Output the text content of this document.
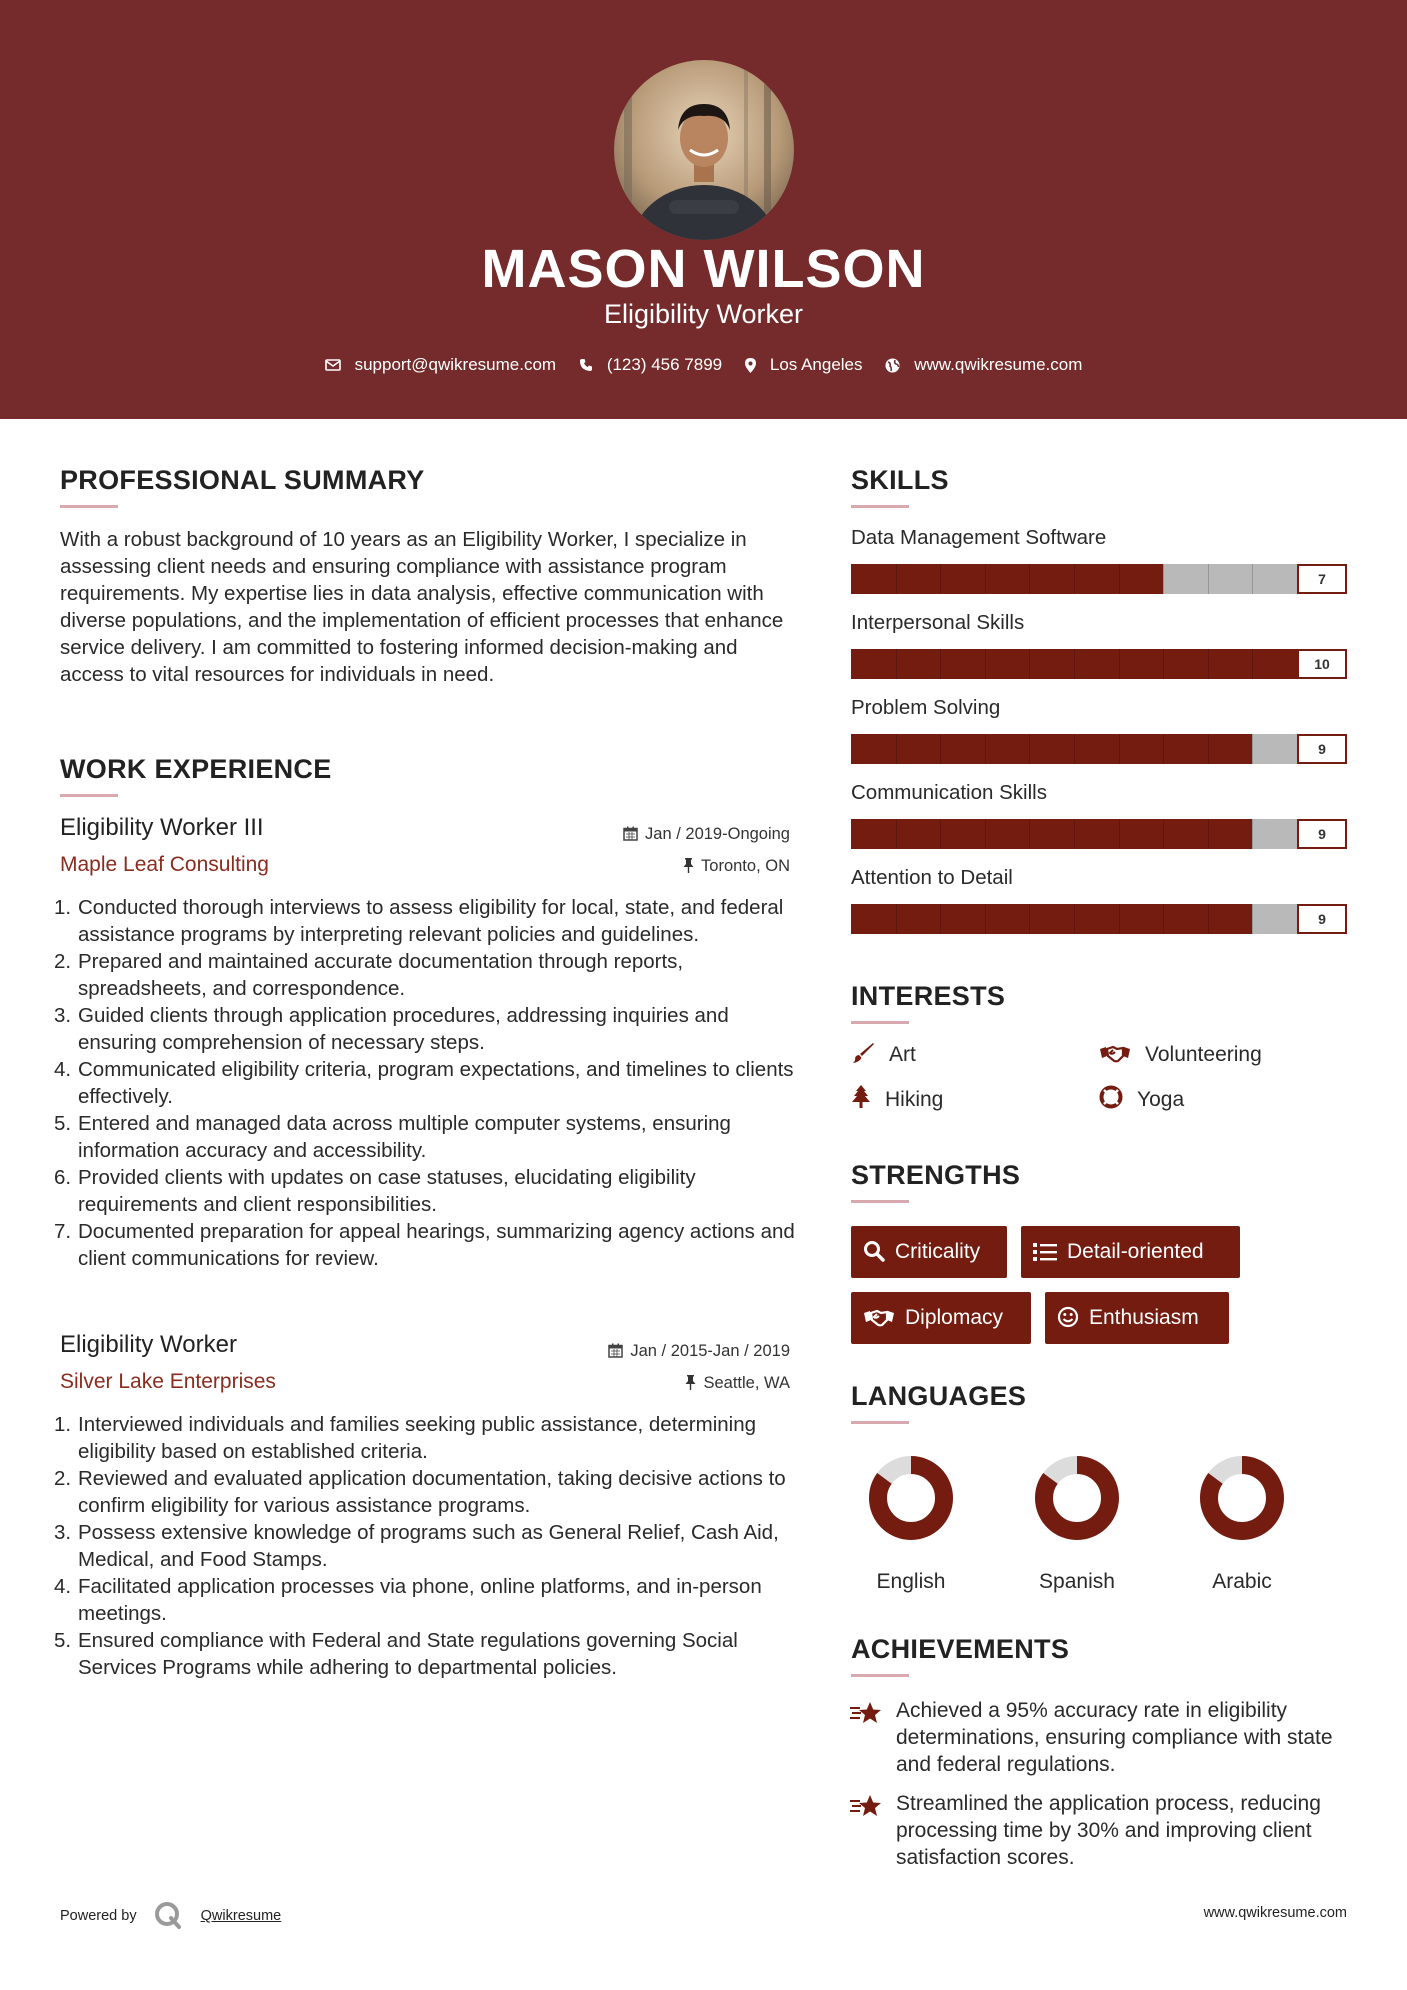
MASON WILSON
Eligibility Worker
support@qwikresume.com	(123) 456 7899	Los Angeles	www.qwikresume.com
PROFESSIONAL SUMMARY
With a robust background of 10 years as an Eligibility Worker, I specialize in assessing client needs and ensuring compliance with assistance program requirements. My expertise lies in data analysis, effective communication with diverse populations, and the implementation of efficient processes that enhance service delivery. I am committed to fostering informed decision-making and access to vital resources for individuals in need.
WORK EXPERIENCE
Eligibility Worker III	Jan / 2019-Ongoing
Maple Leaf Consulting	Toronto, ON
1. Conducted thorough interviews to assess eligibility for local, state, and federal assistance programs by interpreting relevant policies and guidelines.
2. Prepared and maintained accurate documentation through reports, spreadsheets, and correspondence.
3. Guided clients through application procedures, addressing inquiries and ensuring comprehension of necessary steps.
4. Communicated eligibility criteria, program expectations, and timelines to clients effectively.
5. Entered and managed data across multiple computer systems, ensuring information accuracy and accessibility.
6. Provided clients with updates on case statuses, elucidating eligibility requirements and client responsibilities.
7. Documented preparation for appeal hearings, summarizing agency actions and client communications for review.
Eligibility Worker	Jan / 2015-Jan / 2019
Silver Lake Enterprises	Seattle, WA
1. Interviewed individuals and families seeking public assistance, determining eligibility based on established criteria.
2. Reviewed and evaluated application documentation, taking decisive actions to confirm eligibility for various assistance programs.
3. Possess extensive knowledge of programs such as General Relief, Cash Aid, Medical, and Food Stamps.
4. Facilitated application processes via phone, online platforms, and in-person meetings.
5. Ensured compliance with Federal and State regulations governing Social Services Programs while adhering to departmental policies.
SKILLS
Data Management Software
7
Interpersonal Skills
10
Problem Solving
9
Communication Skills
9
Attention to Detail
9
INTERESTS
Art	Volunteering
Hiking	Yoga
STRENGTHS
Criticality	Detail-oriented
Diplomacy	Enthusiasm
LANGUAGES
English	Spanish	Arabic
ACHIEVEMENTS
Achieved a 95% accuracy rate in eligibility determinations, ensuring compliance with state and federal regulations.
Streamlined the application process, reducing processing time by 30% and improving client satisfaction scores.
Powered by	Qwikresume	www.qwikresume.com
